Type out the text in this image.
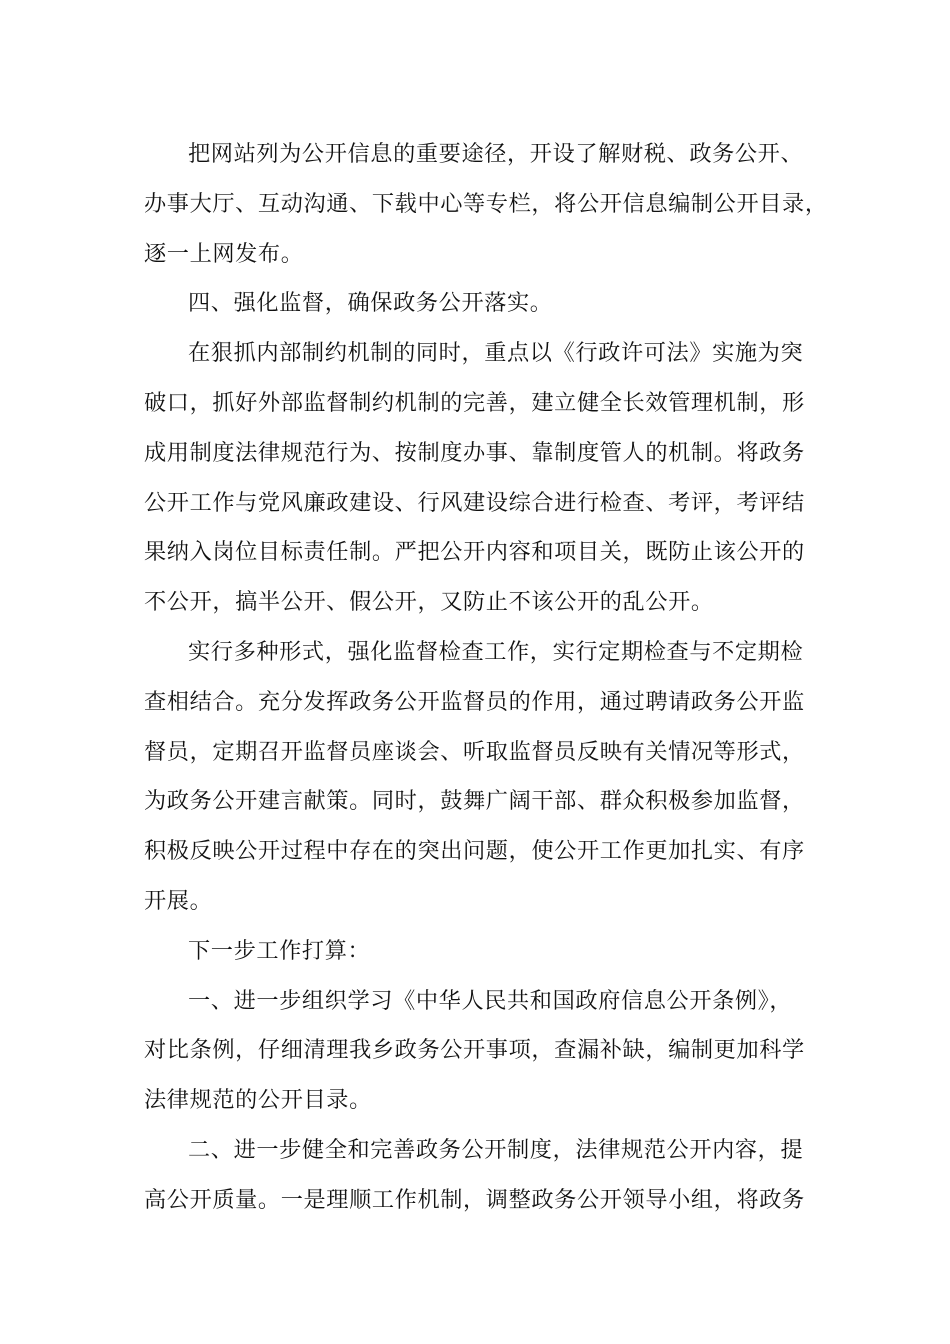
把网站列为公开信息的重要途径，开设了解财税、政务公开、
办事大厅、互动沟通、下载中心等专栏，将公开信息编制公开目录，
逐一上网发布。
四、强化监督，确保政务公开落实。
在狠抓内部制约机制的同时，重点以《行政许可法》实施为突
破口，抓好外部监督制约机制的完善，建立健全长效管理机制，形
成用制度法律规范行为、按制度办事、靠制度管人的机制。将政务
公开工作与党风廉政建设、行风建设综合进行检查、考评，考评结
果纳入岗位目标责任制。严把公开内容和项目关，既防止该公开的
不公开，搞半公开、假公开，又防止不该公开的乱公开。
实行多种形式，强化监督检查工作，实行定期检查与不定期检
查相结合。充分发挥政务公开监督员的作用，通过聘请政务公开监
督员，定期召开监督员座谈会、听取监督员反映有关情况等形式，
为政务公开建言献策。同时，鼓舞广阔干部、群众积极参加监督，
积极反映公开过程中存在的突出问题，使公开工作更加扎实、有序
开展。
下一步工作打算：
一、进一步组织学习《中华人民共和国政府信息公开条例》，
对比条例，仔细清理我乡政务公开事项，查漏补缺，编制更加科学
法律规范的公开目录。
二、进一步健全和完善政务公开制度，法律规范公开内容，提
高公开质量。一是理顺工作机制，调整政务公开领导小组，将政务
